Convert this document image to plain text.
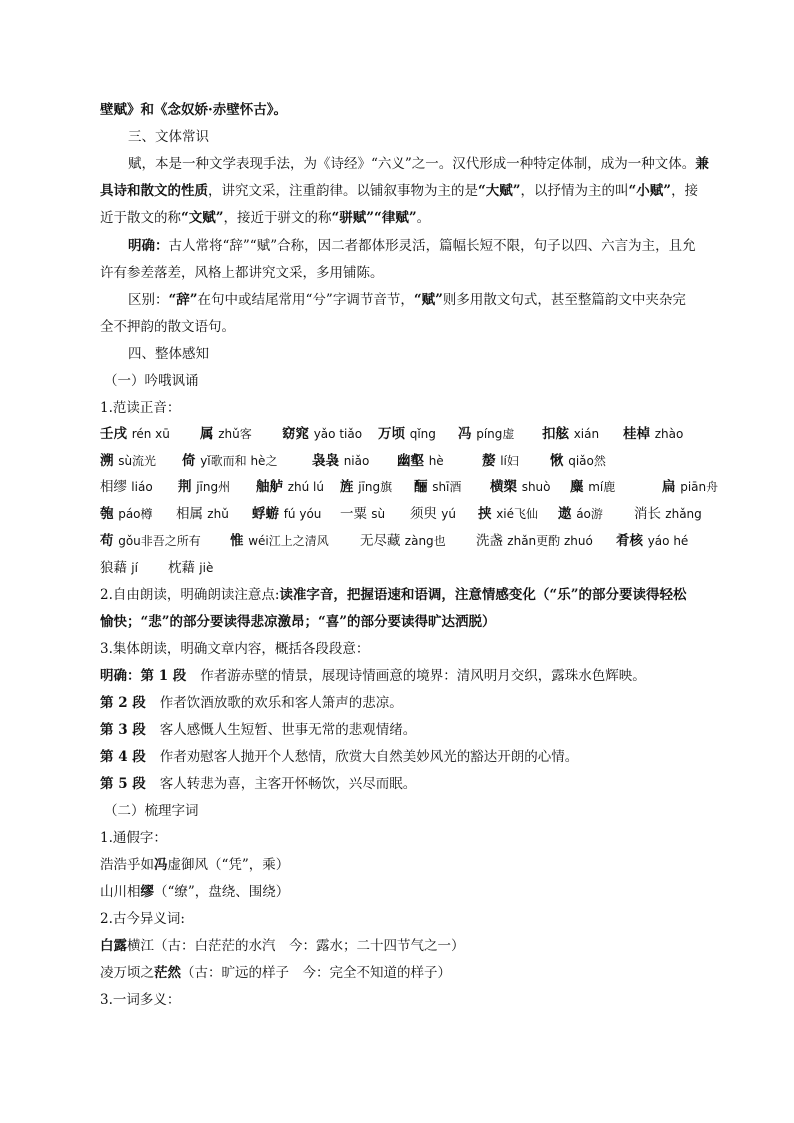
壁赋》和《念奴娇·赤壁怀古》。
三、文体常识
赋，本是一种文学表现手法，为《诗经》“六义”之一。汉代形成一种特定体制，成为一种文体。兼
具诗和散文的性质，讲究文采，注重韵律。以铺叙事物为主的是“大赋”，以抒情为主的叫“小赋”，接
近于散文的称“文赋”，接近于骈文的称“骈赋”“律赋”。
明确：古人常将“辞”“赋”合称，因二者都体形灵活，篇幅长短不限，句子以四、六言为主，且允
许有参差落差，风格上都讲究文采，多用铺陈。
区别：“辞”在句中或结尾常用“兮”字调节音节，“赋”则多用散文句式，甚至整篇韵文中夹杂完
全不押韵的散文语句。
四、整体感知
（一）吟哦讽诵
1.范读正音：
壬戌 rén xū 属 zhǔ客 窈窕 yǎo tiǎo 万顷 qǐng 冯 píng虚 扣舷 xián 桂棹 zhào
溯 sù流光 倚 yǐ歌而和 hè之	袅袅 niǎo 幽壑 hè	嫠 lí妇 愀 qiǎo然
相缪 liáo 荆 jīng州 舳舻 zhú lú 旌 jīng旗 酾 shī酒 横槊 shuò 麋 mí鹿	扁 piān舟
匏 páo樽 相属 zhǔ 蜉蝣 fú yóu 一粟 sù 须臾 yú 挟 xié飞仙 遨 áo游 消长 zhǎng
苟 gǒu非吾之所有 惟 wéi江上之清风 无尽藏 zàng也 洗盏 zhǎn更酌 zhuó 肴核 yáo hé
狼藉 jí 枕藉 jiè
2.自由朗读，明确朗读注意点:读准字音，把握语速和语调，注意情感变化（“乐”的部分要读得轻松
愉快；“悲”的部分要读得悲凉激昂；“喜”的部分要读得旷达洒脱）
3.集体朗读，明确文章内容，概括各段段意：
明确：第 1 段 作者游赤壁的情景，展现诗情画意的境界：清风明月交织，露珠水色辉映。
第 2 段 作者饮酒放歌的欢乐和客人箫声的悲凉。
第 3 段 客人感慨人生短暂、世事无常的悲观情绪。
第 4 段 作者劝慰客人抛开个人愁情，欣赏大自然美妙风光的豁达开朗的心情。
第 5 段 客人转悲为喜，主客开怀畅饮，兴尽而眠。
（二）梳理字词
1.通假字：
浩浩乎如冯虚御风（“凭”，乘）
山川相缪（“缭”，盘绕、围绕）
2.古今异义词:
白露横江（古：白茫茫的水汽　今：露水；二十四节气之一）
凌万顷之茫然（古：旷远的样子　今：完全不知道的样子）
3.一词多义：
